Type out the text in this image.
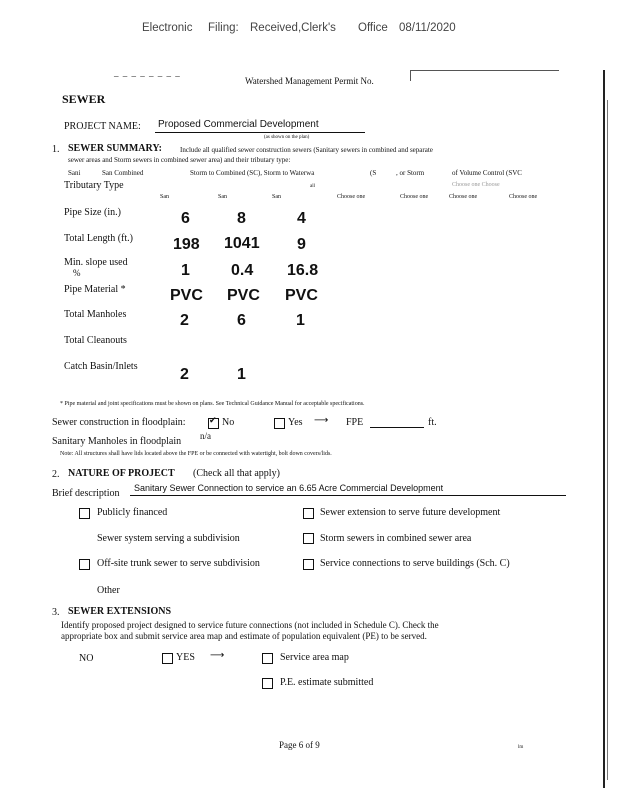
Electronic Filing: Received,Clerk's Office 08/11/2020
_ _ _ _ _ _ _ _
Watershed Management Permit No.
SEWER
PROJECT NAME: Proposed Commercial Development
(as shown on the plan)
1. SEWER SUMMARY:	Include all qualified sewer construction sewers (Sanitary sewers in combined and separate
sewer areas and Storm sewers in combined sewer area) and their tributary type:
Sani	San Combined	Storm to Combined (SC), Storm to Waterwa	(S	, or Storm	of Volume Control (SVC
Tributary Type	all	Choose one Choose
San	San	San	Choose one	Choose one	Choose one	Choose one
Pipe Size (in.)	6	8	4
Total Length (ft.)	198 1041 9
Min. slope used
%	1	0.4 16.8
Pipe Material *	PVC PVC PVC
Total Manholes	2	6	1
Total Cleanouts
Catch Basin/Inlets	2	1
* Pipe material and joint specifications must be shown on plans. See Technical Guidance Manual for acceptable specifications.
Sewer construction in floodplain: ✔	No	Yes ⟶ FPE	ft.
Sanitary Manholes in floodplain n/a
Note: All structures shall have lids located above the FPE or be connected with watertight, bolt down covers/lids.
2. NATURE OF PROJECT (Check all that apply)
Brief description Sanitary Sewer Connection to service an 6.65 Acre Commercial Development
Publicly financed	Sewer extension to serve future development
Sewer system serving a subdivision	Storm sewers in combined sewer area
Off-site trunk sewer to serve subdivision	Service connections to serve buildings (Sch. C)
Other
3. SEWER EXTENSIONS
Identify proposed project designed to service future connections (not included in Schedule C). Check the
appropriate box and submit service area map and estimate of population equivalent (PE) to be served.
NO	YES ⟶	Service area map
P.E. estimate submitted
Page 6 of 9	lm
